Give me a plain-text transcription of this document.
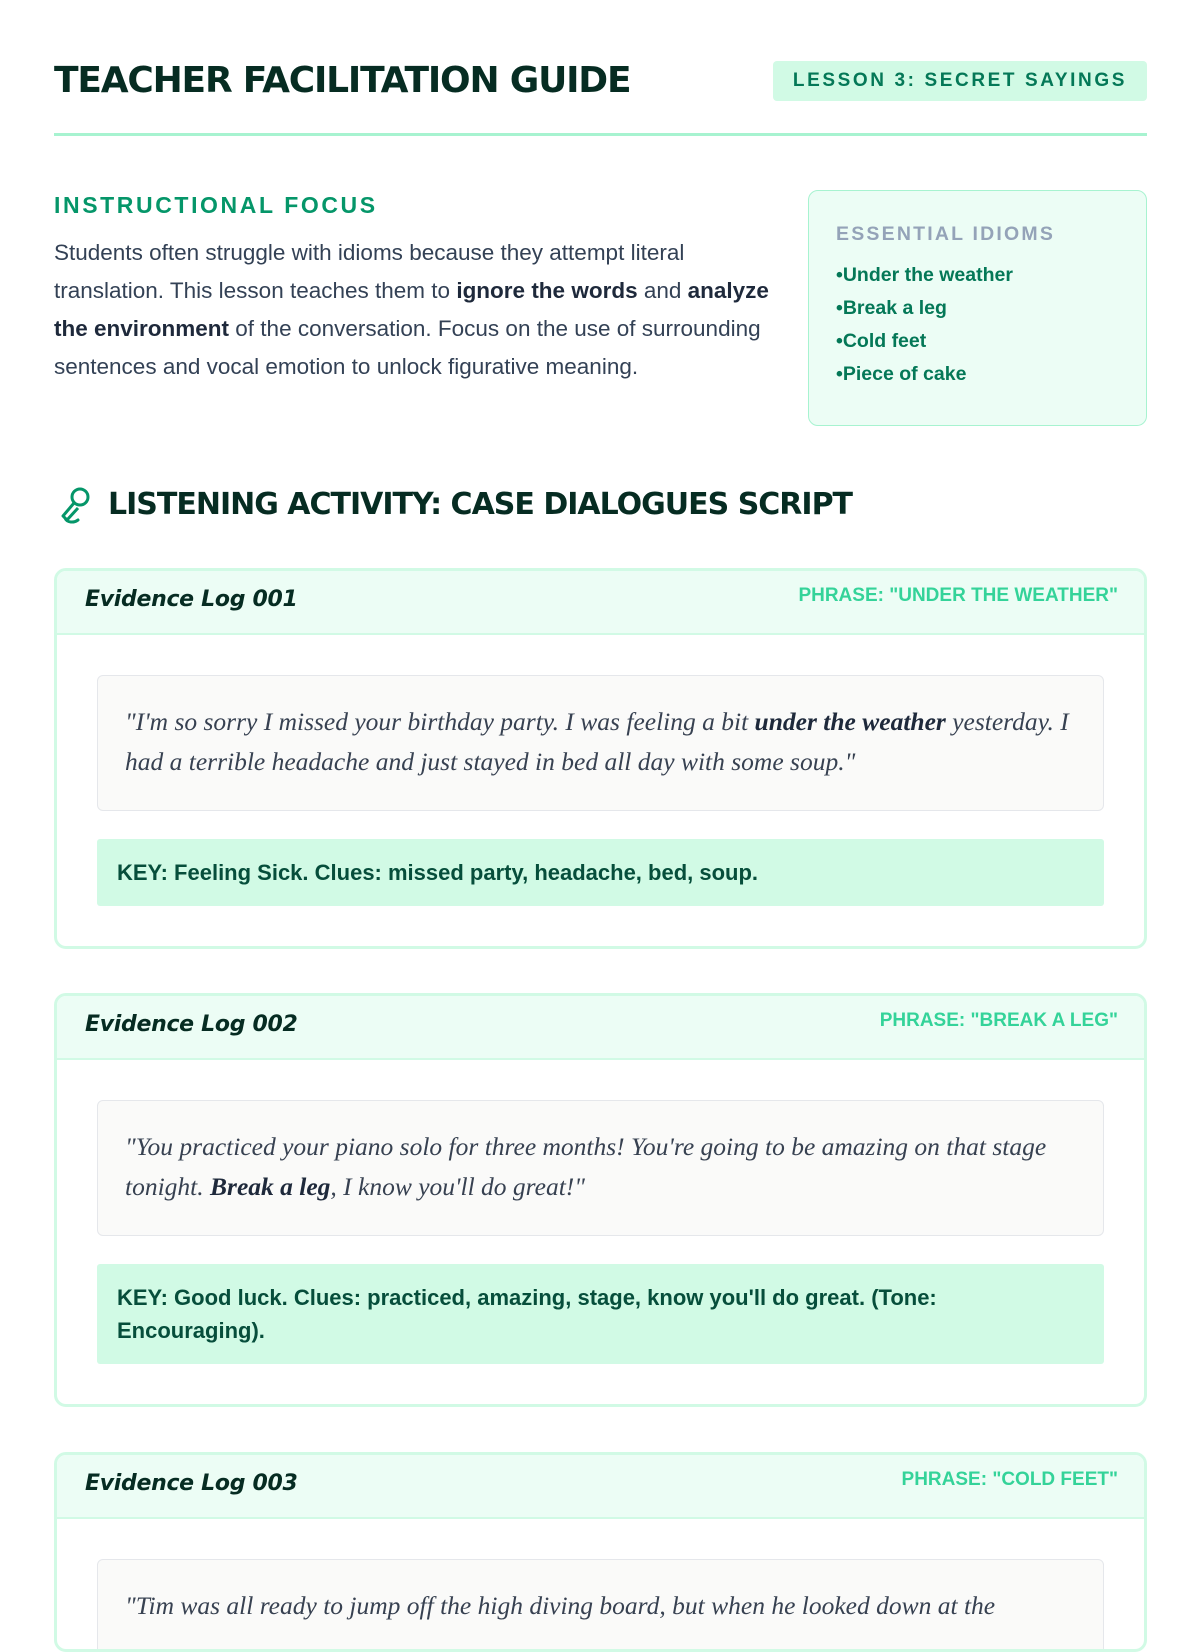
TEACHER FACILITATION GUIDE	LESSON 3: SECRET SAYINGS
INSTRUCTIONAL FOCUS

Students often struggle with idioms because they attempt literal translation. This lesson teaches them to ignore the words and analyze the environment of the conversation. Focus on the use of surrounding sentences and vocal emotion to unlock figurative meaning.

ESSENTIAL IDIOMS
• Under the weather
• Break a leg
• Cold feet
• Piece of cake
LISTENING ACTIVITY: CASE DIALOGUES SCRIPT
Evidence Log 001	PHRASE: "UNDER THE WEATHER"
"I'm so sorry I missed your birthday party. I was feeling a bit under the weather yesterday. I had a terrible headache and just stayed in bed all day with some soup."
KEY: Feeling Sick. Clues: missed party, headache, bed, soup.
Evidence Log 002	PHRASE: "BREAK A LEG"
"You practiced your piano solo for three months! You're going to be amazing on that stage tonight. Break a leg, I know you'll do great!"
KEY: Good luck. Clues: practiced, amazing, stage, know you'll do great. (Tone: Encouraging).
Evidence Log 003	PHRASE: "COLD FEET"
"Tim was all ready to jump off the high diving board, but when he looked down at the
